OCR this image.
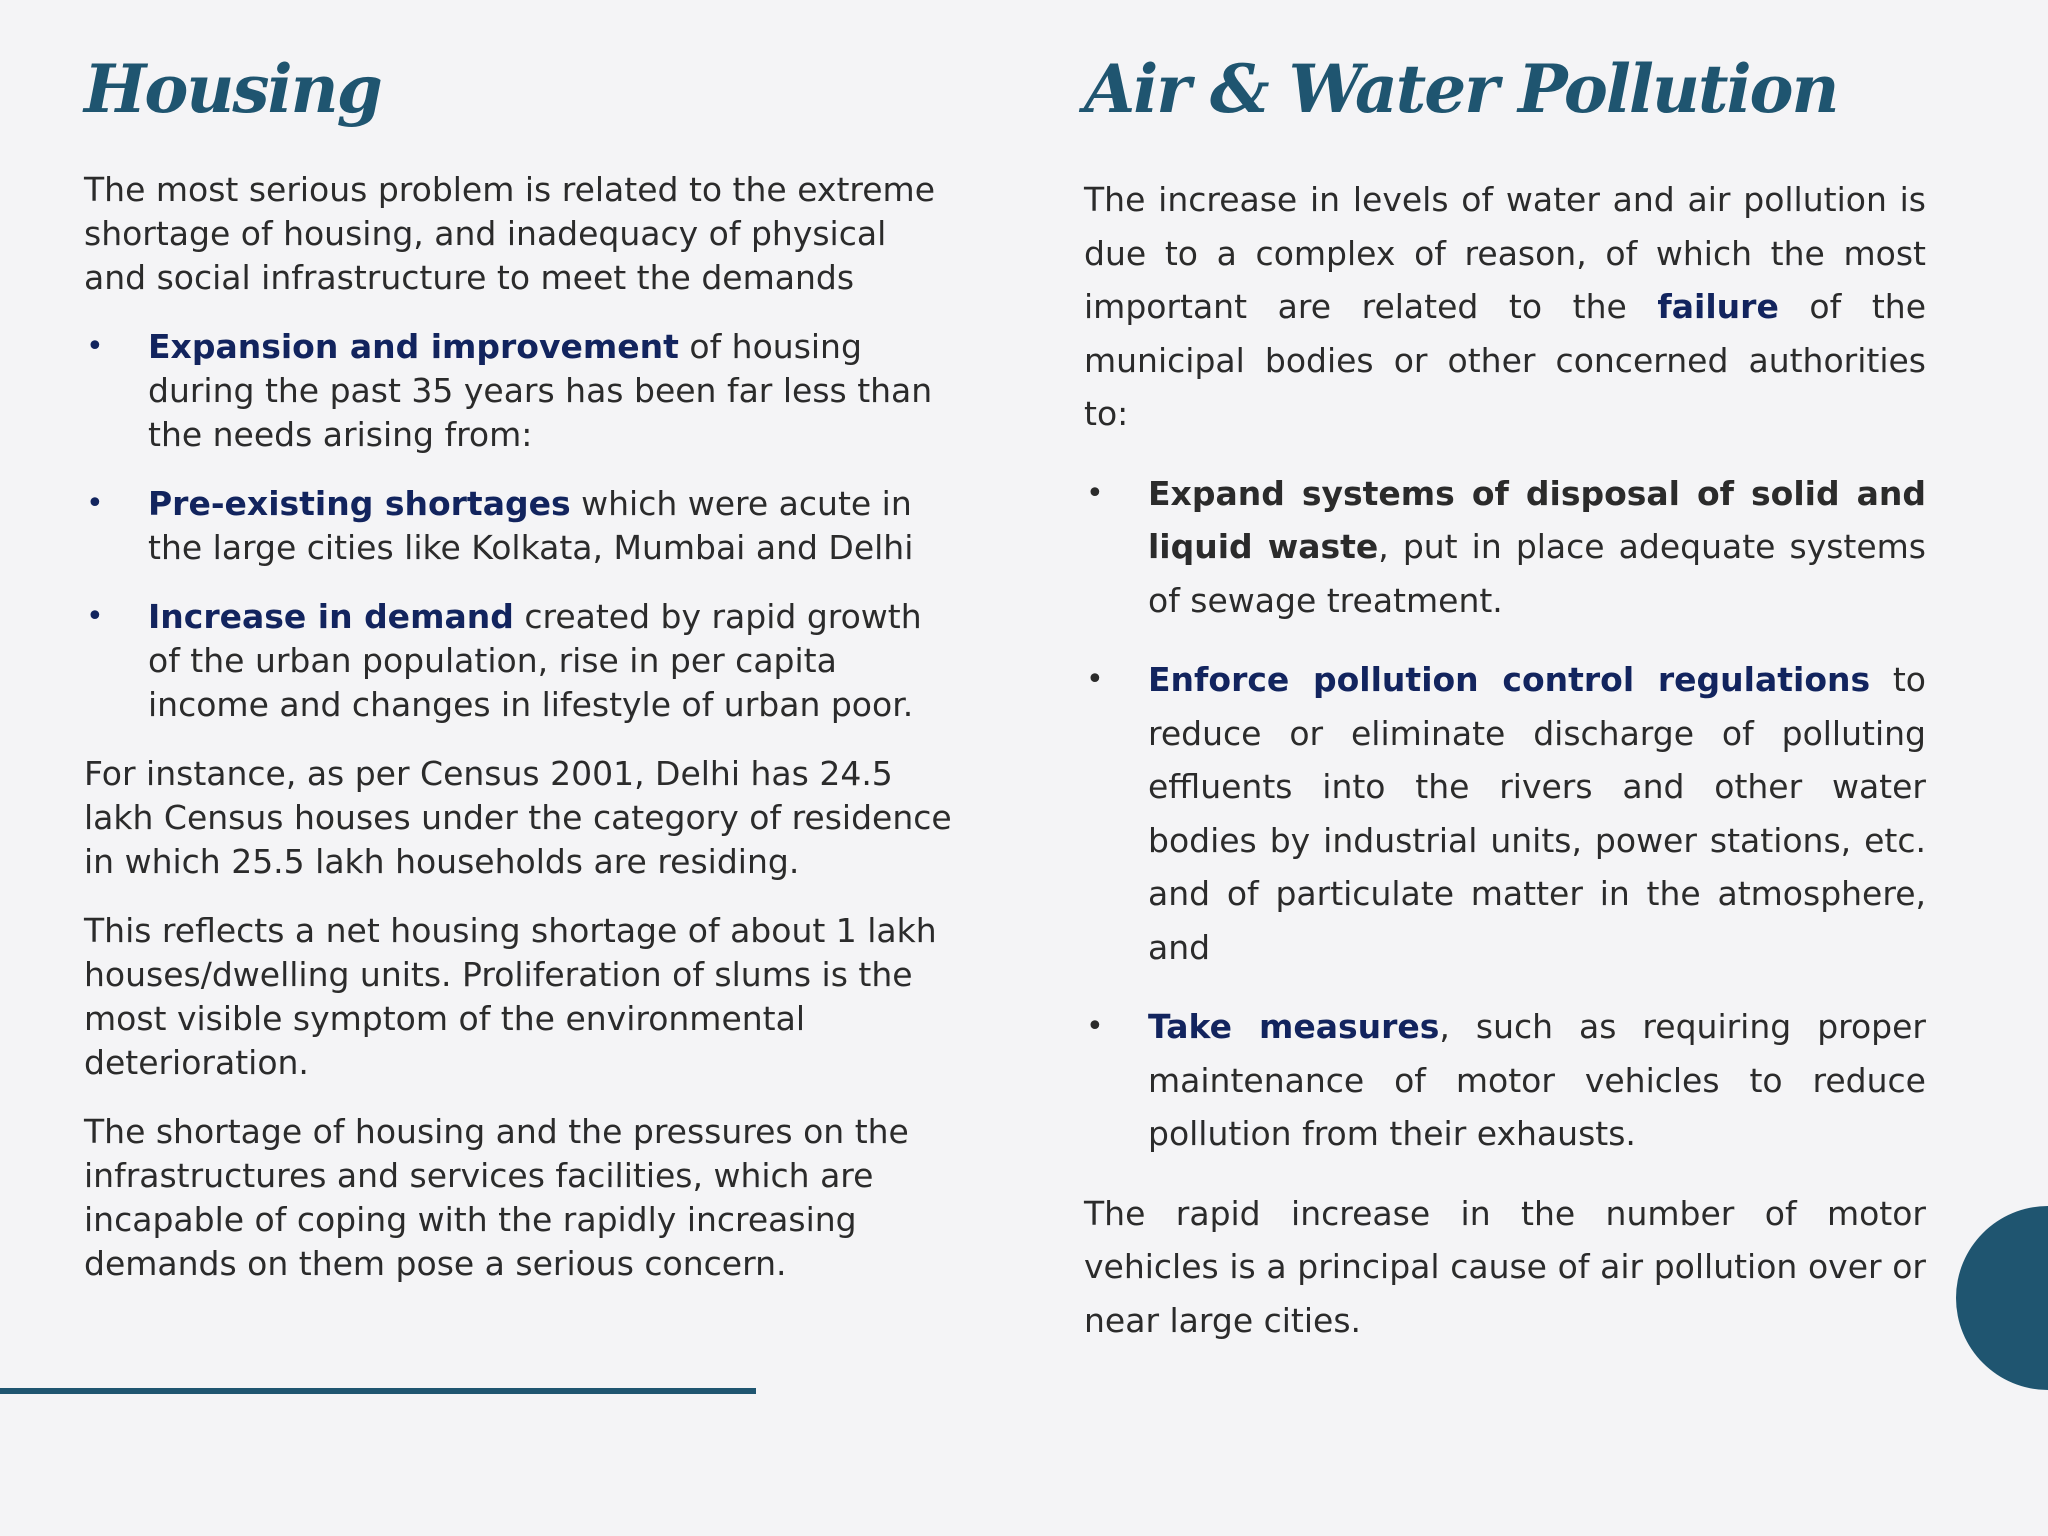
Housing	Air & Water Pollution

The most serious problem is related to the extreme shortage of housing, and inadequacy of physical and social infrastructure to meet the demands

• Expansion and improvement of housing during the past 35 years has been far less than the needs arising from:
• Pre-existing shortages which were acute in the large cities like Kolkata, Mumbai and Delhi
• Increase in demand created by rapid growth of the urban population, rise in per capita income and changes in lifestyle of urban poor.

For instance, as per Census 2001, Delhi has 24.5 lakh Census houses under the category of residence in which 25.5 lakh households are residing.

This reflects a net housing shortage of about 1 lakh houses/dwelling units. Proliferation of slums is the most visible symptom of the environmental deterioration.

The shortage of housing and the pressures on the infrastructures and services facilities, which are incapable of coping with the rapidly increasing demands on them pose a serious concern.

The increase in levels of water and air pollution is due to a complex of reason, of which the most important are related to the failure of the municipal bodies or other concerned authorities to:

• Expand systems of disposal of solid and liquid waste, put in place adequate systems of sewage treatment.
• Enforce pollution control regulations to reduce or eliminate discharge of polluting effluents into the rivers and other water bodies by industrial units, power stations, etc. and of particulate matter in the atmosphere, and
• Take measures, such as requiring proper maintenance of motor vehicles to reduce pollution from their exhausts.

The rapid increase in the number of motor vehicles is a principal cause of air pollution over or near large cities.
